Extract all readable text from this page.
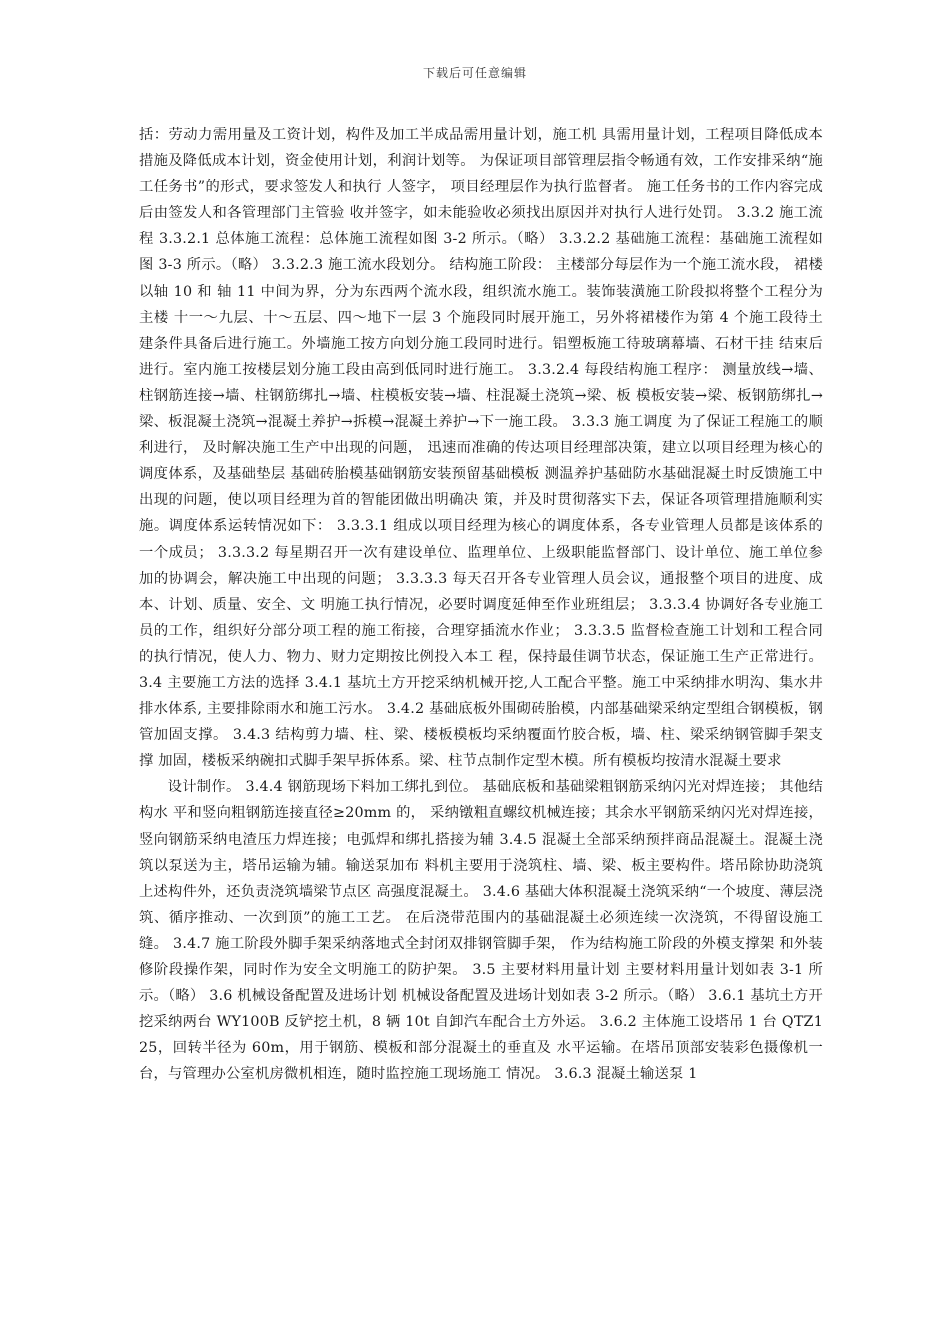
下载后可任意编辑

括：劳动力需用量及工资计划，构件及加工半成品需用量计划，施工机 具需用量计划，工程项目降低成本措施及降低成本计划，资金使用计划，利润计划等。 为保证项目部管理层指令畅通有效，工作安排采纳“施工任务书”的形式，要求签发人和执行 人签字， 项目经理层作为执行监督者。 施工任务书的工作内容完成后由签发人和各管理部门主管验 收并签字，如未能验收必须找出原因并对执行人进行处罚。 3.3.2 施工流程 3.3.2.1 总体施工流程：总体施工流程如图 3-2 所示。（略） 3.3.2.2 基础施工流程：基础施工流程如图 3-3 所示。（略） 3.3.2.3 施工流水段划分。 结构施工阶段： 主楼部分每层作为一个施工流水段， 裙楼以轴 10 和 轴 11 中间为界，分为东西两个流水段，组织流水施工。装饰装潢施工阶段拟将整个工程分为主楼 十一～九层、十～五层、四～地下一层 3 个施段同时展开施工，另外将裙楼作为第 4 个施工段待土 建条件具备后进行施工。外墙施工按方向划分施工段同时进行。铝塑板施工待玻璃幕墙、石材干挂 结束后进行。室内施工按楼层划分施工段由高到低同时进行施工。 3.3.2.4 每段结构施工程序： 测量放线→墙、柱钢筋连接→墙、柱钢筋绑扎→墙、柱模板安装→墙、柱混凝土浇筑→梁、板 模板安装→梁、板钢筋绑扎→梁、板混凝土浇筑→混凝土养护→拆模→混凝土养护→下一施工段。 3.3.3 施工调度 为了保证工程施工的顺利进行， 及时解决施工生产中出现的问题， 迅速而准确的传达项目经理部决策，建立以项目经理为核心的调度体系，及基础垫层 基础砖胎模基础钢筋安装预留基础模板 测温养护基础防水基础混凝土时反馈施工中出现的问题，使以项目经理为首的智能团做出明确决 策，并及时贯彻落实下去，保证各项管理措施顺利实施。调度体系运转情况如下： 3.3.3.1 组成以项目经理为核心的调度体系，各专业管理人员都是该体系的一个成员； 3.3.3.2 每星期召开一次有建设单位、监理单位、上级职能监督部门、设计单位、施工单位参 加的协调会，解决施工中出现的问题； 3.3.3.3 每天召开各专业管理人员会议，通报整个项目的进度、成本、计划、质量、安全、文 明施工执行情况，必要时调度延伸至作业班组层； 3.3.3.4 协调好各专业施工员的工作，组织好分部分项工程的施工衔接，合理穿插流水作业； 3.3.3.5 监督检查施工计划和工程合同的执行情况，使人力、物力、财力定期按比例投入本工 程，保持最佳调节状态，保证施工生产正常进行。 3.4 主要施工方法的选择 3.4.1 基坑土方开挖采纳机械开挖,人工配合平整。施工中采纳排水明沟、集水井排水体系, 主要排除雨水和施工污水。 3.4.2 基础底板外围砌砖胎模，内部基础梁采纳定型组合钢模板，钢管加固支撑。 3.4.3 结构剪力墙、柱、梁、楼板模板均采纳覆面竹胶合板，墙、柱、梁采纳钢管脚手架支撑 加固，楼板采纳碗扣式脚手架早拆体系。梁、柱节点制作定型木模。所有模板均按清水混凝土要求

设计制作。 3.4.4 钢筋现场下料加工绑扎到位。 基础底板和基础梁粗钢筋采纳闪光对焊连接； 其他结构水 平和竖向粗钢筋连接直径≥20mm 的， 采纳镦粗直螺纹机械连接；其余水平钢筋采纳闪光对焊连接， 竖向钢筋采纳电渣压力焊连接；电弧焊和绑扎搭接为辅 3.4.5 混凝土全部采纳预拌商品混凝土。混凝土浇筑以泵送为主，塔吊运输为辅。输送泵加布 料机主要用于浇筑柱、墙、梁、板主要构件。塔吊除协助浇筑上述构件外，还负责浇筑墙梁节点区 高强度混凝土。 3.4.6 基础大体积混凝土浇筑采纳“一个坡度、薄层浇筑、循序推动、一次到顶”的施工工艺。 在后浇带范围内的基础混凝土必须连续一次浇筑，不得留设施工缝。 3.4.7 施工阶段外脚手架采纳落地式全封闭双排钢管脚手架， 作为结构施工阶段的外模支撑架 和外装修阶段操作架，同时作为安全文明施工的防护架。 3.5 主要材料用量计划 主要材料用量计划如表 3-1 所示。（略） 3.6 机械设备配置及进场计划 机械设备配置及进场计划如表 3-2 所示。（略） 3.6.1 基坑土方开挖采纳两台 WY100B 反铲挖土机，8 辆 10t 自卸汽车配合土方外运。 3.6.2 主体施工设塔吊 1 台 QTZ125，回转半径为 60m，用于钢筋、模板和部分混凝土的垂直及 水平运输。在塔吊顶部安装彩色摄像机一台，与管理办公室机房微机相连，随时监控施工现场施工 情况。 3.6.3 混凝土输送泵 1
